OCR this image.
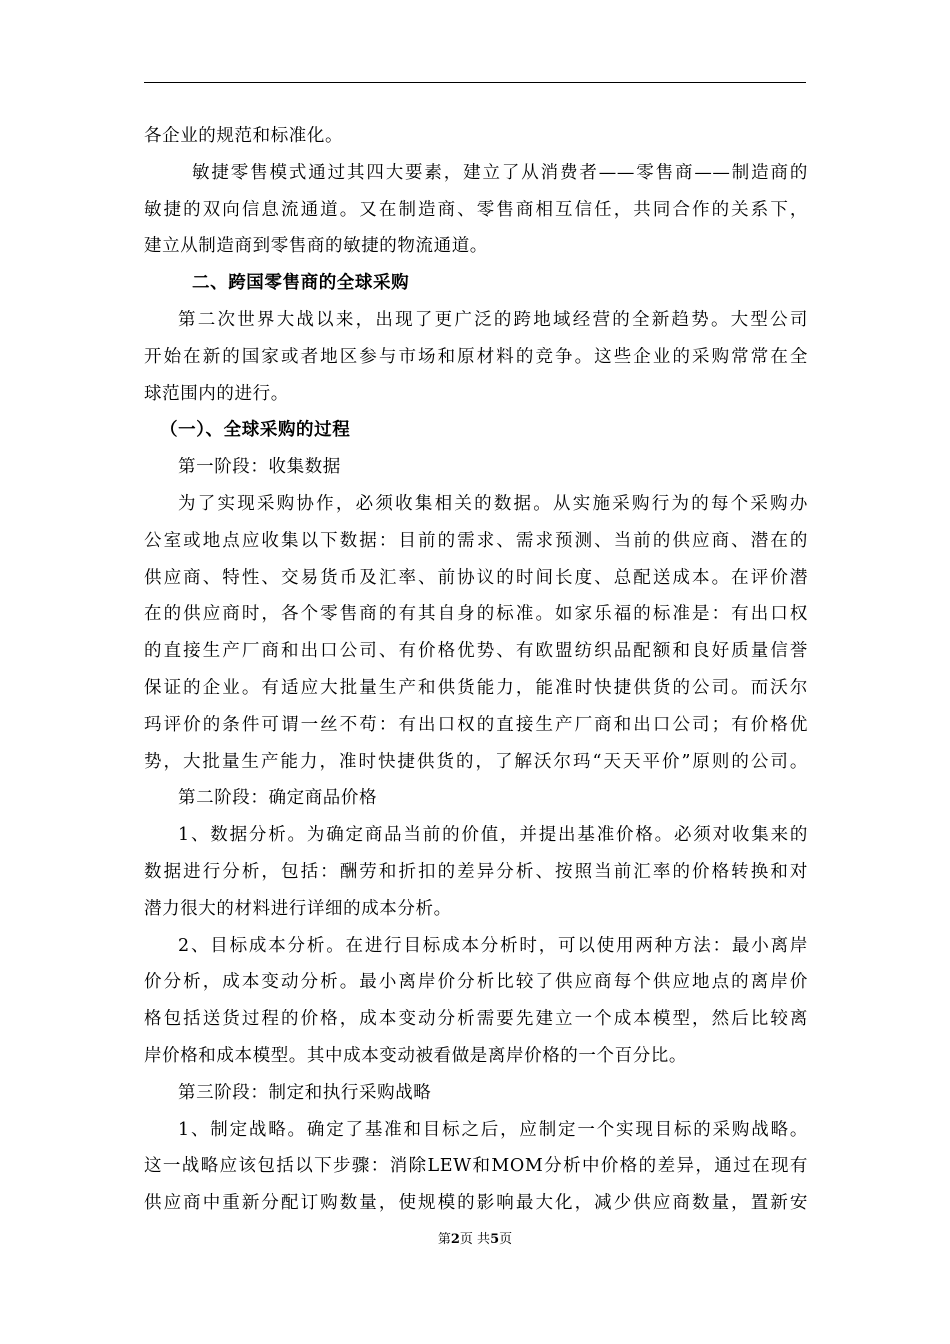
各企业的规范和标准化。
敏捷零售模式通过其四大要素，建立了从消费者——零售商——制造商的
敏捷的双向信息流通道。又在制造商、零售商相互信任，共同合作的关系下，
建立从制造商到零售商的敏捷的物流通道。
二、跨国零售商的全球采购
第二次世界大战以来，出现了更广泛的跨地域经营的全新趋势。大型公司
开始在新的国家或者地区参与市场和原材料的竞争。这些企业的采购常常在全
球范围内的进行。
（一）、全球采购的过程
第一阶段：收集数据
为了实现采购协作，必须收集相关的数据。从实施采购行为的每个采购办
公室或地点应收集以下数据：目前的需求、需求预测、当前的供应商、潜在的
供应商、特性、交易货币及汇率、前协议的时间长度、总配送成本。在评价潜
在的供应商时，各个零售商的有其自身的标准。如家乐福的标准是：有出口权
的直接生产厂商和出口公司、有价格优势、有欧盟纺织品配额和良好质量信誉
保证的企业。有适应大批量生产和供货能力，能准时快捷供货的公司。而沃尔
玛评价的条件可谓一丝不苟：有出口权的直接生产厂商和出口公司；有价格优
势，大批量生产能力，准时快捷供货的，了解沃尔玛“天天平价”原则的公司。
第二阶段：确定商品价格
1、数据分析。为确定商品当前的价值，并提出基准价格。必须对收集来的
数据进行分析，包括：酬劳和折扣的差异分析、按照当前汇率的价格转换和对
潜力很大的材料进行详细的成本分析。
2、目标成本分析。在进行目标成本分析时，可以使用两种方法：最小离岸
价分析，成本变动分析。最小离岸价分析比较了供应商每个供应地点的离岸价
格包括送货过程的价格，成本变动分析需要先建立一个成本模型，然后比较离
岸价格和成本模型。其中成本变动被看做是离岸价格的一个百分比。
第三阶段：制定和执行采购战略
1、制定战略。确定了基准和目标之后，应制定一个实现目标的采购战略。
这一战略应该包括以下步骤：消除LEW和MOM分析中价格的差异，通过在现有
供应商中重新分配订购数量，使规模的影响最大化，减少供应商数量，置新安
第2页 共5页
